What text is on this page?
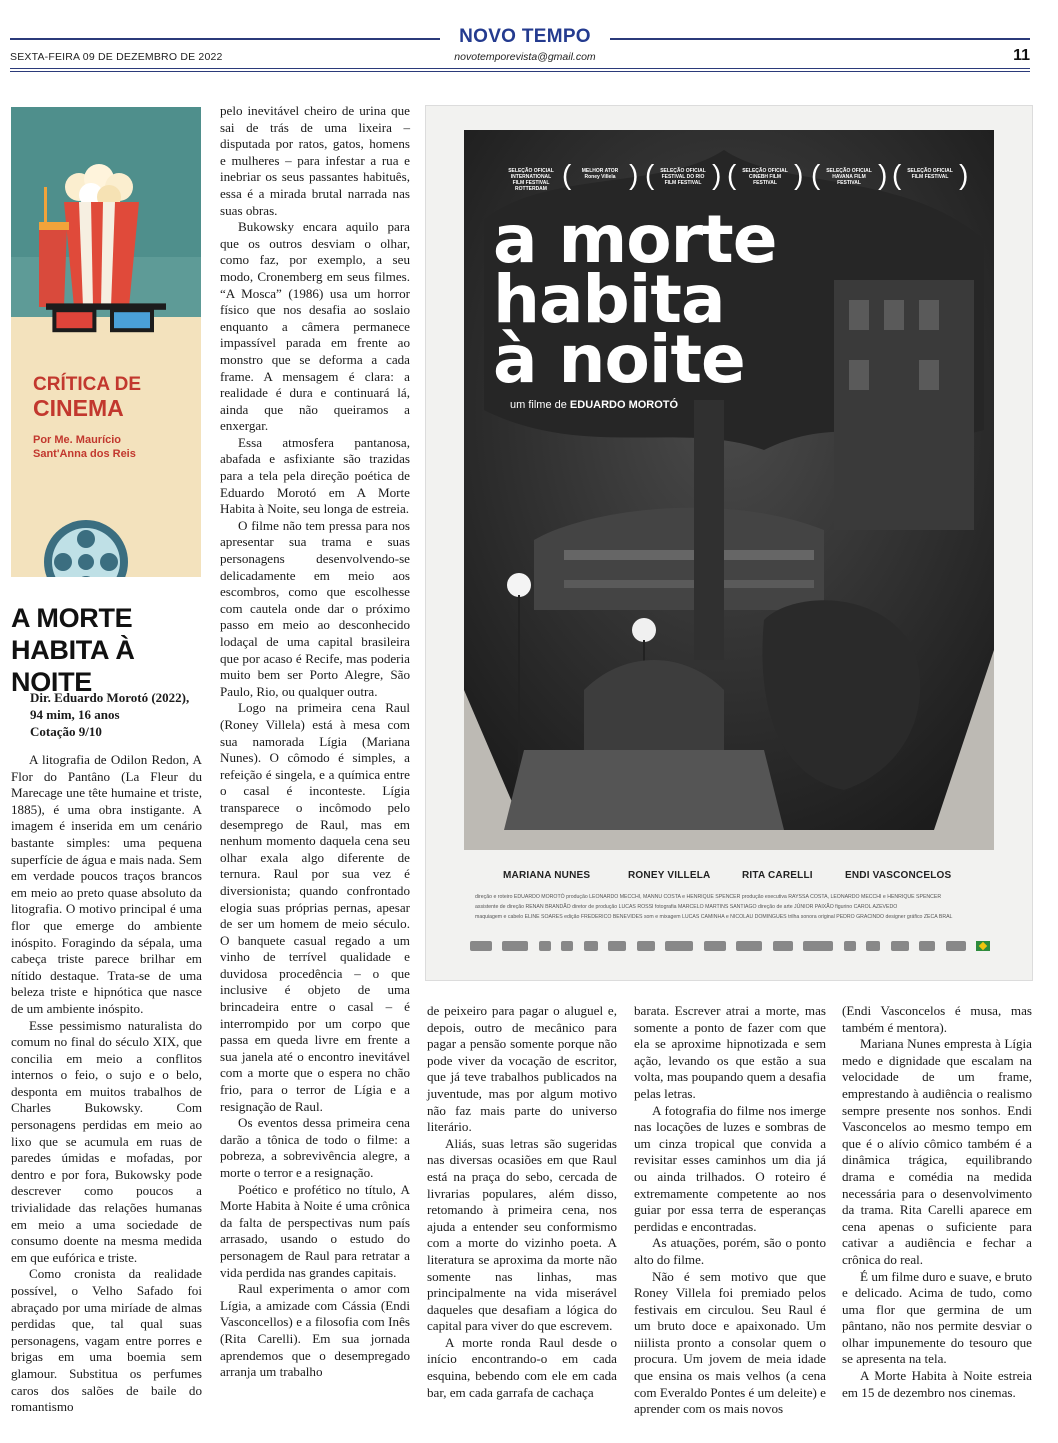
NOVO TEMPO
SEXTA-FEIRA 09 DE DEZEMBRO DE 2022	novotemporevista@gmail.com	11
CRÍTICA DE
CINEMA
Por Me. Maurício
Sant'Anna dos Reis
A MORTE
HABITA À NOITE
Dir. Eduardo Morotó (2022),
94 mim, 16 anos
Cotação 9/10

A litografia de Odilon Redon, A Flor do Pantâno (La Fleur du Marecage une tête humaine et triste, 1885), é uma obra instigante. A imagem é inserida em um cenário bastante simples: uma pequena superfície de água e mais nada. Sem em verdade poucos traços brancos em meio ao preto quase absoluto da litografia. O motivo principal é uma flor que emerge do ambiente inóspito. Foragindo da sépala, uma cabeça triste parece brilhar em nítido destaque. Trata-se de uma beleza triste e hipnótica que nasce de um ambiente inóspito.

Esse pessimismo naturalista do comum no final do século XIX, que concilia em meio a conflitos internos o feio, o sujo e o belo, desponta em muitos trabalhos de Charles Bukowsky. Com personagens perdidas em meio ao lixo que se acumula em ruas de paredes úmidas e mofadas, por dentro e por fora, Bukowsky pode descrever como poucos a trivialidade das relações humanas em meio a uma sociedade de consumo doente na mesma medida em que eufórica e triste.

Como cronista da realidade possível, o Velho Safado foi abraçado por uma miríade de almas perdidas que, tal qual suas personagens, vagam entre porres e brigas em uma boemia sem glamour. Substitua os perfumes caros dos salões de baile do romantismo

pelo inevitável cheiro de urina que sai de trás de uma lixeira – disputada por ratos, gatos, homens e mulheres – para infestar a rua e inebriar os seus passantes habituês, essa é a mirada brutal narrada nas suas obras.

Bukowsky encara aquilo para que os outros desviam o olhar, como faz, por exemplo, a seu modo, Cronemberg em seus filmes. “A Mosca” (1986) usa um horror físico que nos desafia ao soslaio enquanto a câmera permanece impassível parada em frente ao monstro que se deforma a cada frame. A mensagem é clara: a realidade é dura e continuará lá, ainda que não queiramos a enxergar.

Essa atmosfera pantanosa, abafada e asfixiante são trazidas para a tela pela direção poética de Eduardo Morotó em A Morte Habita à Noite, seu longa de estreia.

O filme não tem pressa para nos apresentar sua trama e suas personagens desenvolvendo-se delicadamente em meio aos escombros, como que escolhesse com cautela onde dar o próximo passo em meio ao desconhecido lodaçal de uma capital brasileira que por acaso é Recife, mas poderia muito bem ser Porto Alegre, São Paulo, Rio, ou qualquer outra.

Logo na primeira cena Raul (Roney Villela) está à mesa com sua namorada Lígia (Mariana Nunes). O cômodo é simples, a refeição é singela, e a química entre o casal é inconteste. Lígia transparece o incômodo pelo desemprego de Raul, mas em nenhum momento daquela cena seu olhar exala algo diferente de ternura. Raul por sua vez é diversionista; quando confrontado elogia suas próprias pernas, apesar de ser um homem de meio século. O banquete casual regado a um vinho de terrível qualidade e duvidosa procedência – o que inclusive é objeto de uma brincadeira entre o casal – é interrompido por um corpo que passa em queda livre em frente a sua janela até o encontro inevitável com a morte que o espera no chão frio, para o terror de Lígia e a resignação de Raul.

Os eventos dessa primeira cena darão a tônica de todo o filme: a pobreza, a sobrevivência alegre, a morte o terror e a resignação.

Poético e profético no título, A Morte Habita à Noite é uma crônica da falta de perspectivas num país arrasado, usando o estudo do personagem de Raul para retratar a vida perdida nas grandes capitais.

Raul experimenta o amor com Lígia, a amizade com Cássia (Endi Vasconcellos) e a filosofia com Inês (Rita Carelli). Em sua jornada aprendemos que o desempregado arranja um trabalho

SELEÇÃO OFICIAL INTERNATIONAL FILM FESTIVAL ROTTERDAM (	MELHOR ATOR Roney Villela ( ( SELEÇÃO OFICIAL FESTIVAL DO RIO FILM FESTIVAL ( ( SELEÇÃO OFICIAL CINEBH FILM FESTIVAL ( ( SELEÇÃO OFICIAL HAVANA FILM FESTIVAL ( ( SELEÇÃO OFICIAL FILM FESTIVAL (
a morte
habita
à noite
um filme de EDUARDO MOROTÓ
MARIANA NUNES	RONEY VILLELA	RITA CARELLI	ENDI VASCONCELOS
direção e roteiro EDUARDO MOROTÓ produção LEONARDO MECCHI, MANNU COSTA e HENRIQUE SPENCER produção executiva RAYSSA COSTA, LEONARDO MECCHI e HENRIQUE SPENCER
assistente de direção RENAN BRANDÃO diretor de produção LUCAS ROSSI fotografia MARCELO MARTINS SANTIAGO direção de arte JÚNIOR PAIXÃO figurino CAROL AZEVEDO
maquiagem e cabelo ELINE SOARES edição FREDERICO BENEVIDES som e mixagem LUCAS CAMINHA e NICOLAU DOMINGUES trilha sonora original PEDRO GRACINDO designer gráfico ZECA BRAL

de peixeiro para pagar o aluguel e, depois, outro de mecânico para pagar a pensão somente porque não pode viver da vocação de escritor, que já teve trabalhos publicados na juventude, mas por algum motivo não faz mais parte do universo literário.

Aliás, suas letras são sugeridas nas diversas ocasiões em que Raul está na praça do sebo, cercada de livrarias populares, além disso, retomando à primeira cena, nos ajuda a entender seu conformismo com a morte do vizinho poeta. A literatura se aproxima da morte não somente nas linhas, mas principalmente na vida miserável daqueles que desafiam a lógica do capital para viver do que escrevem.

A morte ronda Raul desde o início encontrando-o em cada esquina, bebendo com ele em cada bar, em cada garrafa de cachaça

barata. Escrever atrai a morte, mas somente a ponto de fazer com que ela se aproxime hipnotizada e sem ação, levando os que estão a sua volta, mas poupando quem a desafia pelas letras.

A fotografia do filme nos imerge nas locações de luzes e sombras de um cinza tropical que convida a revisitar esses caminhos um dia já ou ainda trilhados. O roteiro é extremamente competente ao nos guiar por essa terra de esperanças perdidas e encontradas.

As atuações, porém, são o ponto alto do filme.

Não é sem motivo que que Roney Villela foi premiado pelos festivais em circulou. Seu Raul é um bruto doce e apaixonado. Um niilista pronto a consolar quem o procura. Um jovem de meia idade que ensina os mais velhos (a cena com Everaldo Pontes é um deleite) e aprender com os mais novos

(Endi Vasconcelos é musa, mas também é mentora).

Mariana Nunes empresta à Lígia medo e dignidade que escalam na velocidade de um frame, emprestando à audiência o realismo sempre presente nos sonhos. Endi Vasconcelos ao mesmo tempo em que é o alívio cômico também é a dinâmica trágica, equilibrando drama e comédia na medida necessária para o desenvolvimento da trama. Rita Carelli aparece em cena apenas o suficiente para cativar a audiência e fechar a crônica do real.

É um filme duro e suave, e bruto e delicado. Acima de tudo, como uma flor que germina de um pântano, não nos permite desviar o olhar impunemente do tesouro que se apresenta na tela.

A Morte Habita à Noite estreia em 15 de dezembro nos cinemas.
